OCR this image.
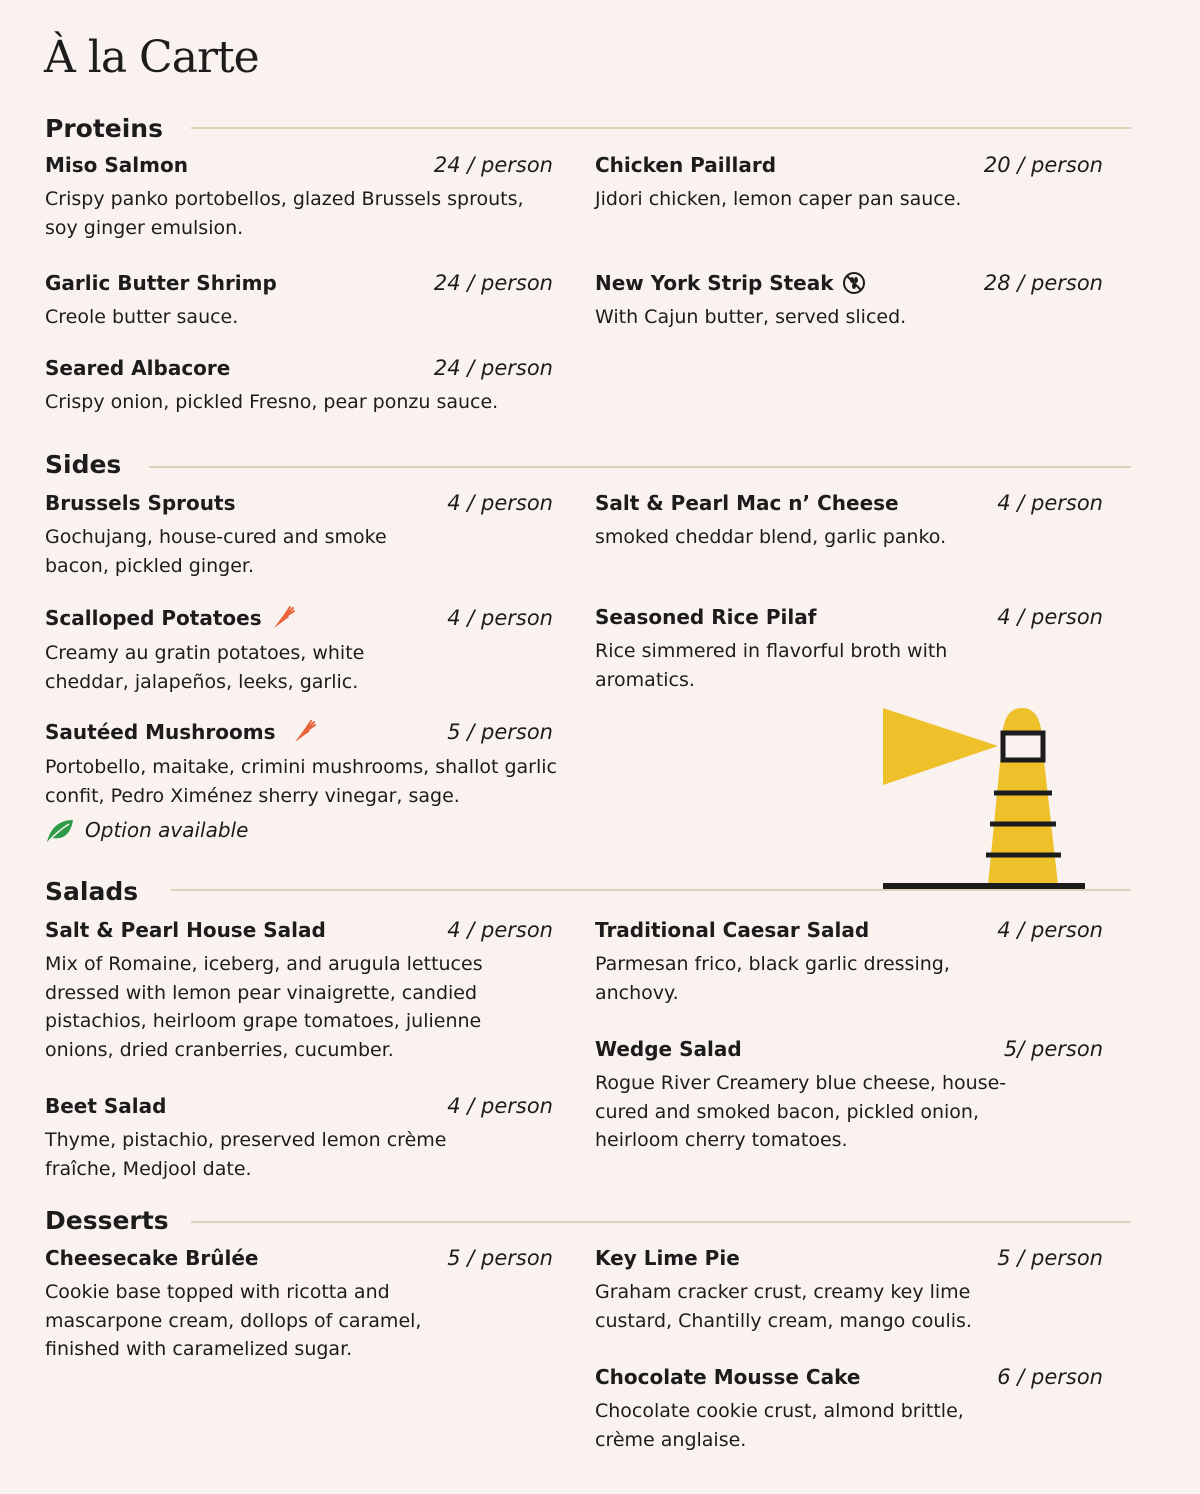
À la Carte
Proteins
Miso Salmon	24 / person
Crispy panko portobellos, glazed Brussels sprouts, soy ginger emulsion.
Chicken Paillard	20 / person
Jidori chicken, lemon caper pan sauce.
Garlic Butter Shrimp	24 / person
Creole butter sauce.
New York Strip Steak	28 / person
With Cajun butter, served sliced.
Seared Albacore	24 / person
Crispy onion, pickled Fresno, pear ponzu sauce.
Sides
Brussels Sprouts	4 / person
Gochujang, house-cured and smoke bacon, pickled ginger.
Salt & Pearl Mac n’ Cheese	4 / person
smoked cheddar blend, garlic panko.
Scalloped Potatoes	4 / person
Creamy au gratin potatoes, white cheddar, jalapeños, leeks, garlic.
Seasoned Rice Pilaf	4 / person
Rice simmered in flavorful broth with aromatics.
Sautéed Mushrooms	5 / person
Portobello, maitake, crimini mushrooms, shallot garlic confit, Pedro Ximénez sherry vinegar, sage.
Option available
Salads
Salt & Pearl House Salad	4 / person
Mix of Romaine, iceberg, and arugula lettuces dressed with lemon pear vinaigrette, candied pistachios, heirloom grape tomatoes, julienne onions, dried cranberries, cucumber.
Traditional Caesar Salad	4 / person
Parmesan frico, black garlic dressing, anchovy.
Wedge Salad	5/ person
Rogue River Creamery blue cheese, house-cured and smoked bacon, pickled onion, heirloom cherry tomatoes.
Beet Salad	4 / person
Thyme, pistachio, preserved lemon crème fraîche, Medjool date.
Desserts
Cheesecake Brûlée	5 / person
Cookie base topped with ricotta and mascarpone cream, dollops of caramel, finished with caramelized sugar.
Key Lime Pie	5 / person
Graham cracker crust, creamy key lime custard, Chantilly cream, mango coulis.
Chocolate Mousse Cake	6 / person
Chocolate cookie crust, almond brittle, crème anglaise.
